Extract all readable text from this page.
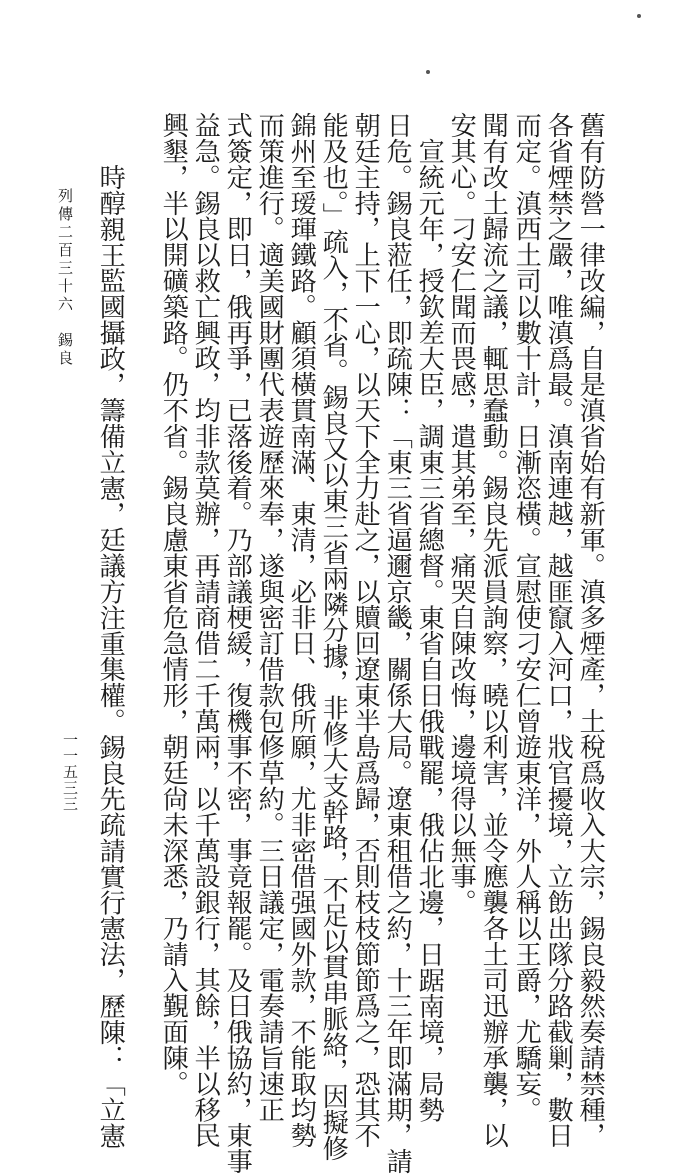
列傳二百三十六　錫良
一一五三三	舊有防營一律改編，自是滇省始有新軍。滇多煙產，土稅爲收入大宗，錫良毅然奏請禁種，
各省煙禁之嚴，唯滇爲最。滇南連越，越匪竄入河口，戕官擾境，立飭出隊分路截剿，數日
而定。滇西土司以數十計，日漸恣橫。宣慰使刁安仁曾遊東洋，外人稱以王爵，尤驕妄。
聞有改土歸流之議，輒思蠢動。錫良先派員詢察，曉以利害，並令應襲各土司迅辦承襲，以
安其心。刁安仁聞而畏感，遣其弟至，痛哭自陳改悔，邊境得以無事。
宣統元年，授欽差大臣，調東三省總督。東省自日俄戰罷，俄佔北邊，日踞南境，局勢
日危。錫良蒞任，即疏陳：「東三省逼邇京畿，關係大局。遼東租借之約，十三年即滿期，請
朝廷主持，上下一心，以天下全力赴之，以贖回遼東半島爲歸，否則枝枝節節爲之，恐其不
能及也。」疏入，不省。錫良又以東三省兩隣分據，非修大支幹路，不足以貫串脈絡，因擬修
錦州至瑷琿鐵路。顧須橫貫南滿、東清，必非日、俄所願，尤非密借强國外款，不能取均勢
而策進行。適美國財團代表遊歷來奉，遂與密訂借款包修草約。三日議定，電奏請旨速正
式簽定，即日，俄再爭，已落後着。乃部議梗緩，復機事不密，事竟報罷。及日俄協約，東事
益急。錫良以救亡興政，均非款莫辦，再請商借二千萬兩，以千萬設銀行，其餘，半以移民
興墾，半以開礦築路。仍不省。錫良慮東省危急情形，朝廷尙未深悉，乃請入覲面陳。
時醇親王監國攝政，籌備立憲，廷議方注重集權。錫良先疏請實行憲法，歷陳：「立憲
